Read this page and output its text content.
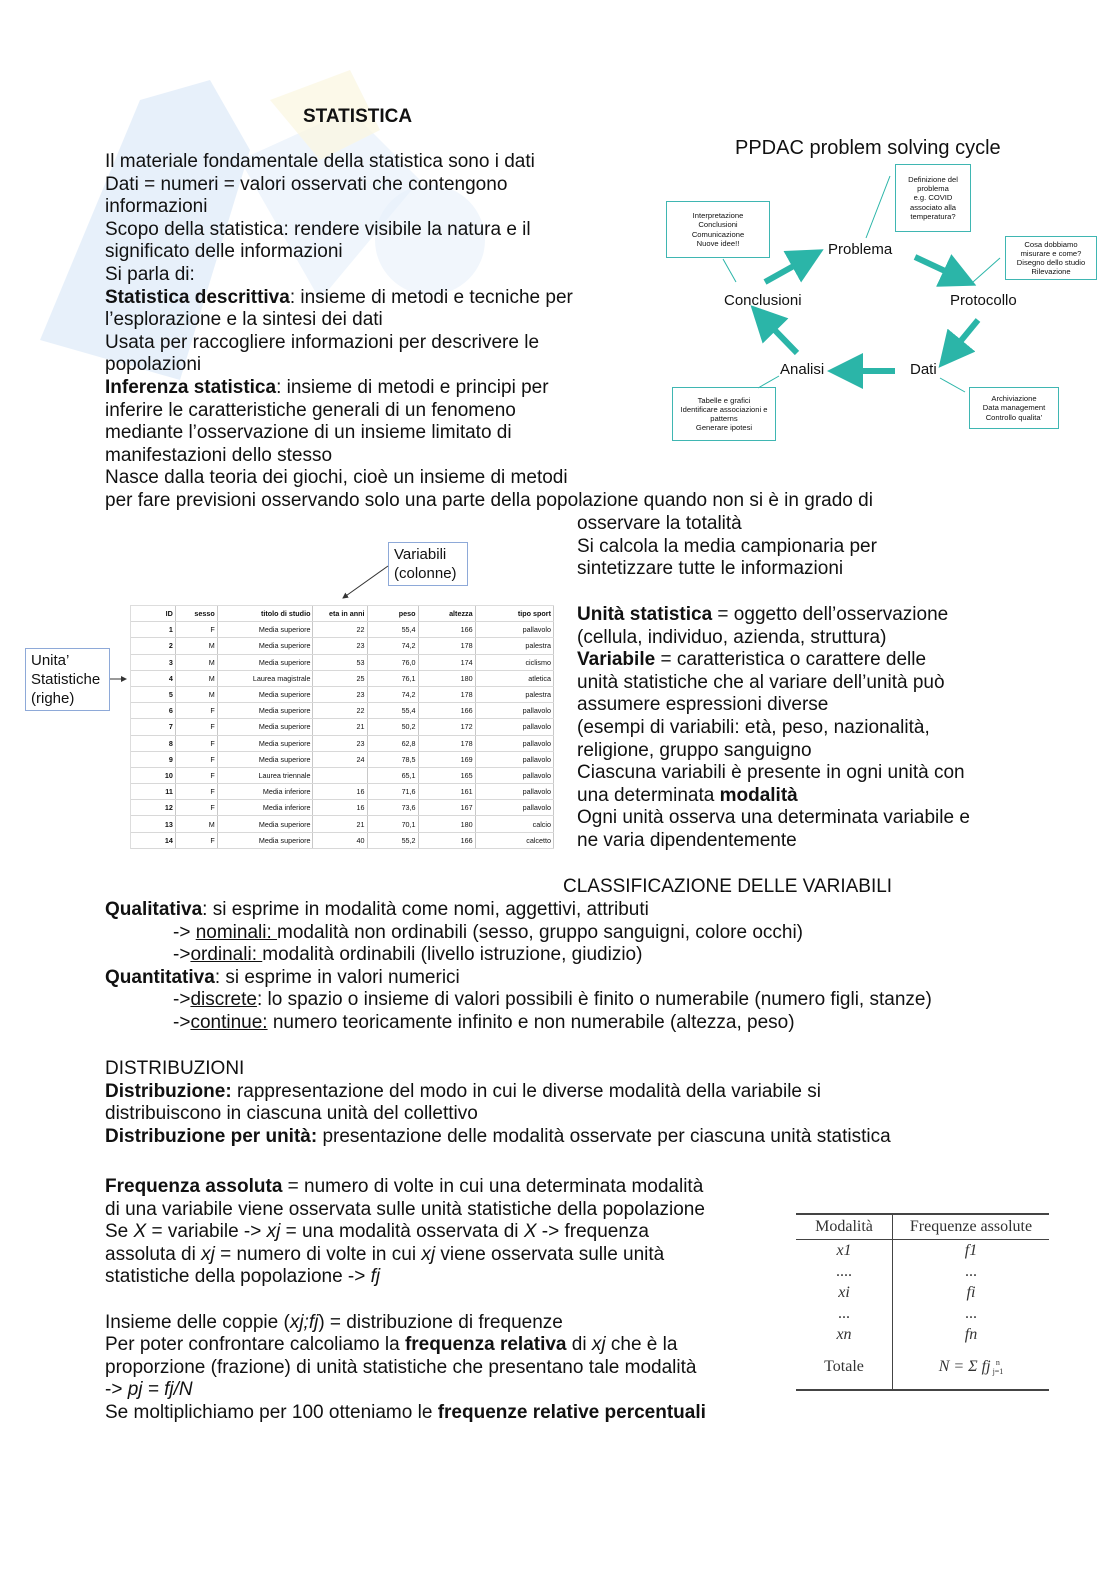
STATISTICA
Il materiale fondamentale della statistica sono i dati
Dati = numeri = valori osservati che contengono
informazioni
Scopo della statistica: rendere visibile la natura e il
significato delle informazioni
Si parla di:
Statistica descrittiva: insieme di metodi e tecniche per
l’esplorazione e la sintesi dei dati
Usata per raccogliere informazioni per descrivere le
popolazioni
Inferenza statistica: insieme di metodi e principi per
inferire le caratteristiche generali di un fenomeno
mediante l’osservazione di un insieme limitato di
manifestazioni dello stesso
Nasce dalla teoria dei giochi, cioè un insieme di metodi
per fare previsioni osservando solo una parte della popolazione quando non si è in grado di
osservare la totalità
Si calcola la media campionaria per
sintetizzare tutte le informazioni
PPDAC problem solving cycle
Problema
Protocollo
Dati
Analisi
Conclusioni
Definizione del
problema
e.g. COVID
associato alla
temperatura?
Cosa dobbiamo
misurare e come?
Disegno dello studio
Rilevazione
Archiviazione
Data management
Controllo qualita’
Tabelle e grafici
Identificare associazioni e
patterns
Generare ipotesi
Interpretazione
Conclusioni
Comunicazione
Nuove idee!!
Variabili
(colonne)
Unita’
Statistiche
(righe)
ID	sesso	titolo di studio	eta in anni	peso	altezza	tipo sport
1	F	Media superiore	22	55,4	166	pallavolo
2	M	Media superiore	23	74,2	178	palestra
3	M	Media superiore	53	76,0	174	ciclismo
4	M	Laurea magistrale	25	76,1	180	atletica
5	M	Media superiore	23	74,2	178	palestra
6	F	Media superiore	22	55,4	166	pallavolo
7	F	Media superiore	21	50,2	172	pallavolo
8	F	Media superiore	23	62,8	178	pallavolo
9	F	Media superiore	24	78,5	169	pallavolo
10	F	Laurea triennale		65,1	165	pallavolo
11	F	Media inferiore	16	71,6	161	pallavolo
12	F	Media inferiore	16	73,6	167	pallavolo
13	M	Media superiore	21	70,1	180	calcio
14	F	Media superiore	40	55,2	166	calcetto
Unità statistica = oggetto dell’osservazione
(cellula, individuo, azienda, struttura)
Variabile = caratteristica o carattere delle
unità statistiche che al variare dell’unità può
assumere espressioni diverse
(esempi di variabili: età, peso, nazionalità,
religione, gruppo sanguigno
Ciascuna variabili è presente in ogni unità con
una determinata modalità
Ogni unità osserva una determinata variabile e
ne varia dipendentemente
CLASSIFICAZIONE DELLE VARIABILI
Qualitativa: si esprime in modalità come nomi, aggettivi, attributi
-> nominali: modalità non ordinabili (sesso, gruppo sanguigni, colore occhi)
->ordinali: modalità ordinabili (livello istruzione, giudizio)
Quantitativa: si esprime in valori numerici
->discrete: lo spazio o insieme di valori possibili è finito o numerabile (numero figli, stanze)
->continue: numero teoricamente infinito e non numerabile (altezza, peso)
DISTRIBUZIONI
Distribuzione: rappresentazione del modo in cui le diverse modalità della variabile si
distribuiscono in ciascuna unità del collettivo
Distribuzione per unità: presentazione delle modalità osservate per ciascuna unità statistica
Frequenza assoluta = numero di volte in cui una determinata modalità
di una variabile viene osservata sulle unità statistiche della popolazione
Se X = variabile -> xj = una modalità osservata di X -> frequenza
assoluta di xj = numero di volte in cui xj viene osservata sulle unità
statistiche della popolazione -> fj

Insieme delle coppie (xj;fj) = distribuzione di frequenze
Per poter confrontare calcoliamo la frequenza relativa di xj che è la
proporzione (frazione) di unità statistiche che presentano tale modalità
-> pj = fj/N
Se moltiplichiamo per 100 otteniamo le frequenze relative percentuali
Modalità	Frequenze assolute
x1	f1
....	...
xi	fi
...	...
xn	fn
Totale	N = Σ fj n
j=1
